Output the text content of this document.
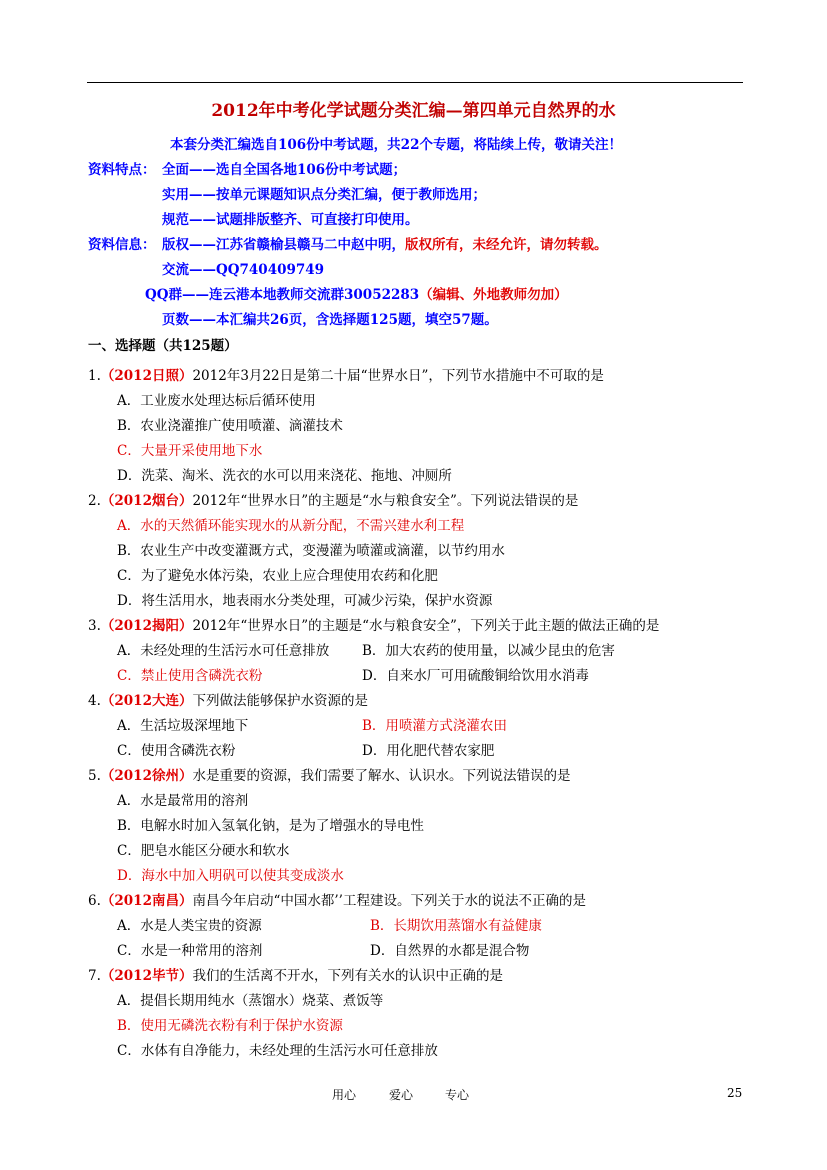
2012年中考化学试题分类汇编—第四单元自然界的水
本套分类汇编选自106份中考试题，共22个专题，将陆续上传，敬请关注！
资料特点： 全面——选自全国各地106份中考试题；
实用——按单元课题知识点分类汇编，便于教师选用；
规范——试题排版整齐、可直接打印使用。
资料信息： 版权——江苏省赣榆县赣马二中赵中明，版权所有，未经允许，请勿转载。
交流——QQ740409749
QQ群——连云港本地教师交流群30052283（编辑、外地教师勿加）
页数——本汇编共26页，含选择题125题，填空57题。
一、选择题（共125题）
1.（2012日照）2012年3月22日是第二十届“世界水日”，下列节水措施中不可取的是
A．工业废水处理达标后循环使用
B．农业浇灌推广使用喷灌、滴灌技术
C．大量开采使用地下水
D．洗菜、淘米、洗衣的水可以用来浇花、拖地、冲厕所
2.（2012烟台）2012年“世界水日”的主题是“水与粮食安全”。下列说法错误的是
A．水的天然循环能实现水的从新分配，不需兴建水利工程
B．农业生产中改变灌溉方式，变漫灌为喷灌或滴灌，以节约用水
C．为了避免水体污染，农业上应合理使用农药和化肥
D．将生活用水，地表雨水分类处理，可减少污染，保护水资源
3.（2012揭阳）2012年“世界水日”的主题是“水与粮食安全”，下列关于此主题的做法正确的是
A．未经处理的生活污水可任意排放 B．加大农药的使用量，以减少昆虫的危害
C．禁止使用含磷洗衣粉	D．自来水厂可用硫酸铜给饮用水消毒
4.（2012大连）下列做法能够保护水资源的是
A．生活垃圾深埋地下	B．用喷灌方式浇灌农田
C．使用含磷洗衣粉	D．用化肥代替农家肥
5.（2012徐州）水是重要的资源，我们需要了解水、认识水。下列说法错误的是
A．水是最常用的溶剂
B．电解水时加入氢氧化钠，是为了增强水的导电性
C．肥皂水能区分硬水和软水
D．海水中加入明矾可以使其变成淡水
6.（2012南昌）南昌今年启动“中国水都’’工程建设。下列关于水的说法不正确的是
A．水是人类宝贵的资源	B．长期饮用蒸馏水有益健康
C．水是一种常用的溶剂	D．自然界的水都是混合物
7.（2012毕节）我们的生活离不开水，下列有关水的认识中正确的是
A．提倡长期用纯水（蒸馏水）烧菜、煮饭等
B．使用无磷洗衣粉有利于保护水资源
C．水体有自净能力，未经处理的生活污水可任意排放
用心	爱心	专心	25
